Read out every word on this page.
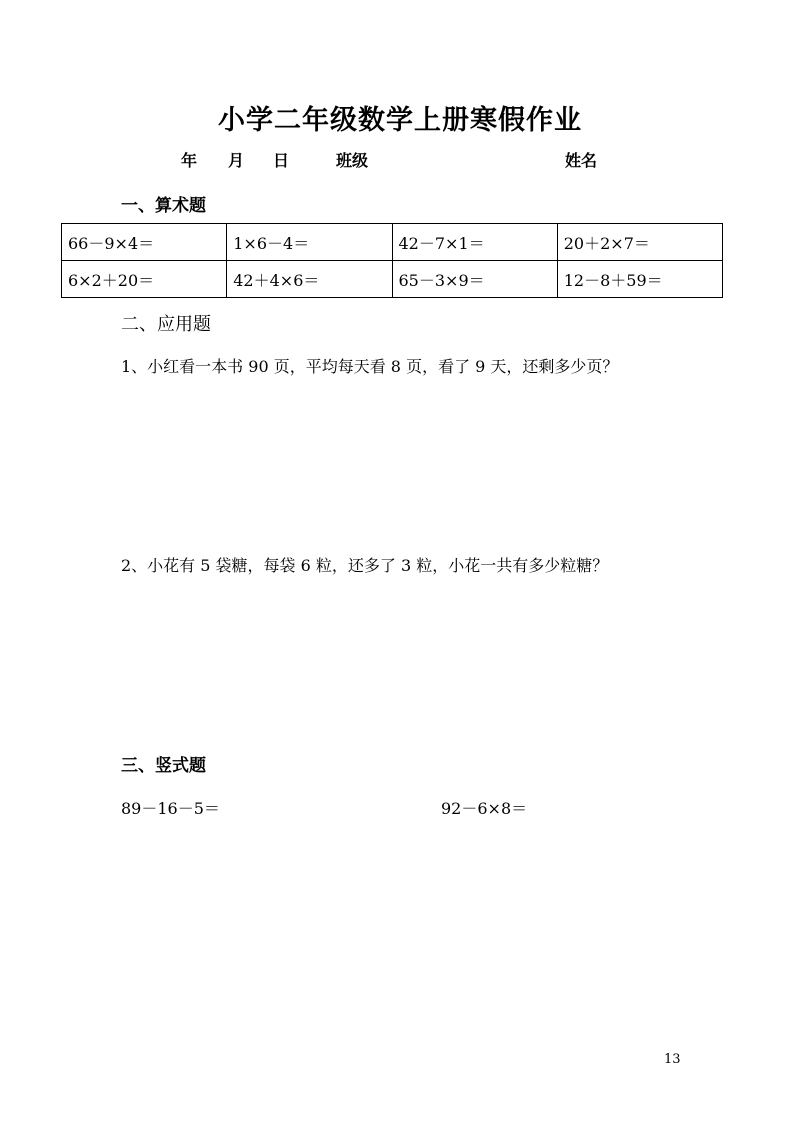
小学二年级数学上册寒假作业
年 月 日	班级	姓名
一、算术题
66－9×4＝	1×6－4＝	42－7×1＝	20＋2×7＝
6×2＋20＝	42＋4×6＝	65－3×9＝	12－8＋59＝
二、应用题
1、小红看一本书 90 页，平均每天看 8 页，看了 9 天，还剩多少页？
2、小花有 5 袋糖，每袋 6 粒，还多了 3 粒，小花一共有多少粒糖？
三、竖式题
89－16－5＝	92－6×8＝
13
